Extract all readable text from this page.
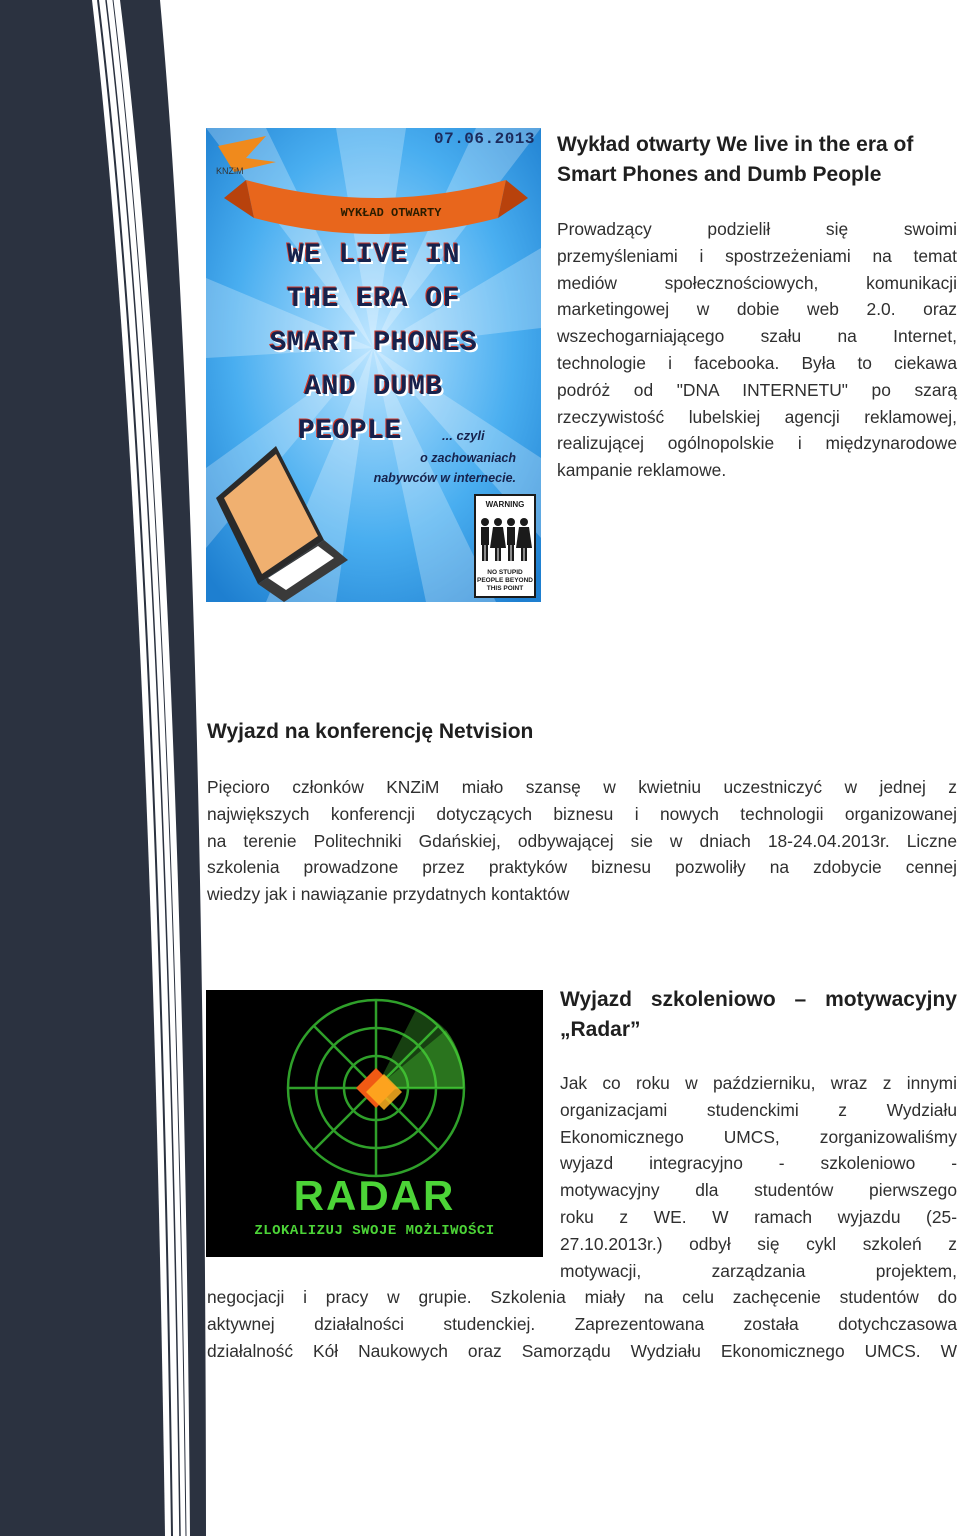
07.06.2013
KNZiM
WYKŁAD OTWARTY
WE LIVE IN
THE ERA OF
SMART PHONES
AND DUMB
PEOPLE	... czyli
o zachowaniach
nabywców w internecie.
WARNING
NO STUPID
PEOPLE BEYOND
THIS POINT
Wykład otwarty We live in the era of
Smart Phones and Dumb People
Prowadzący podzielił się swoimi
przemyśleniami i spostrzeżeniami na temat
mediów społecznościowych, komunikacji
marketingowej w dobie web 2.0. oraz
wszechogarniającego szału na Internet,
technologie i facebooka. Była to ciekawa
podróż od "DNA INTERNETU" po szarą
rzeczywistość lubelskiej agencji reklamowej,
realizującej ogólnopolskie i międzynarodowe
kampanie reklamowe.
Wyjazd na konferencję Netvision
Pięcioro członków KNZiM miało szansę w kwietniu uczestniczyć w jednej z
największych konferencji dotyczących biznesu i nowych technologii organizowanej
na terenie Politechniki Gdańskiej, odbywającej sie w dniach 18-24.04.2013r. Liczne
szkolenia prowadzone przez praktyków biznesu pozwoliły na zdobycie cennej
wiedzy jak i nawiązanie przydatnych kontaktów
RADAR
ZLOKALIZUJ SWOJE MOŻLIWOŚCI
Wyjazd szkoleniowo – motywacyjny
„Radar”
Jak co roku w październiku, wraz z innymi
organizacjami studenckimi z Wydziału
Ekonomicznego UMCS, zorganizowaliśmy
wyjazd integracyjno - szkoleniowo -
motywacyjny dla studentów pierwszego
roku z WE. W ramach wyjazdu (25-
27.10.2013r.) odbył się cykl szkoleń z
motywacji, zarządzania projektem,
negocjacji i pracy w grupie. Szkolenia miały na celu zachęcenie studentów do
aktywnej działalności studenckiej. Zaprezentowana została dotychczasowa
działalność Kół Naukowych oraz Samorządu Wydziału Ekonomicznego UMCS. W
